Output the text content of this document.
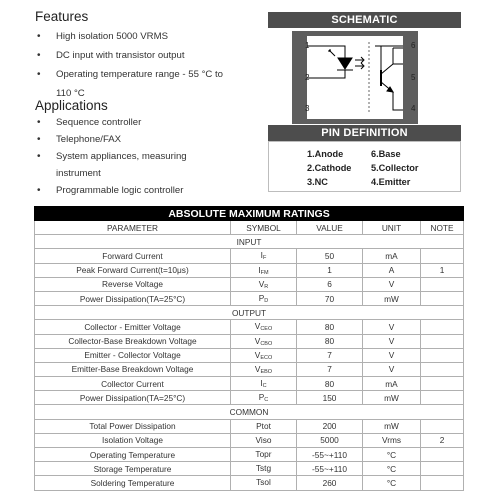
Features
• High isolation 5000 VRMS
• DC input with transistor output
• Operating temperature range - 55 °C to
110 °C
Applications
• Sequence controller
• Telephone/FAX
• System appliances, measuring
instrument
• Programmable logic controller
SCHEMATIC
1
2
3
6
5
4
PIN DEFINITION
1.Anode
2.Cathode
3.NC
6.Base
5.Collector
4.Emitter
ABSOLUTE MAXIMUM RATINGS				
PARAMETER	SYMBOL	VALUE	UNIT	NOTE
INPUT				
Forward Current	IF	50	mA	
Peak Forward Current(t=10μs)	IFM	1	A	1
Reverse Voltage	VR	6	V	
Power Dissipation(TA=25°C)	PD	70	mW	
OUTPUT				
Collector - Emitter Voltage	VCEO	80	V	
Collector-Base Breakdown Voltage	VCBO	80	V	
Emitter - Collector Voltage	VECO	7	V	
Emitter-Base Breakdown Voltage	VEBO	7	V	
Collector Current	IC	80	mA	
Power Dissipation(TA=25°C)	PC	150	mW	
COMMON				
Total Power Dissipation	Ptot	200	mW	
Isolation Voltage	Viso	5000	Vrms	2
Operating Temperature	Topr	-55~+110	°C	
Storage Temperature	Tstg	-55~+110	°C	
Soldering Temperature	Tsol	260	°C	
